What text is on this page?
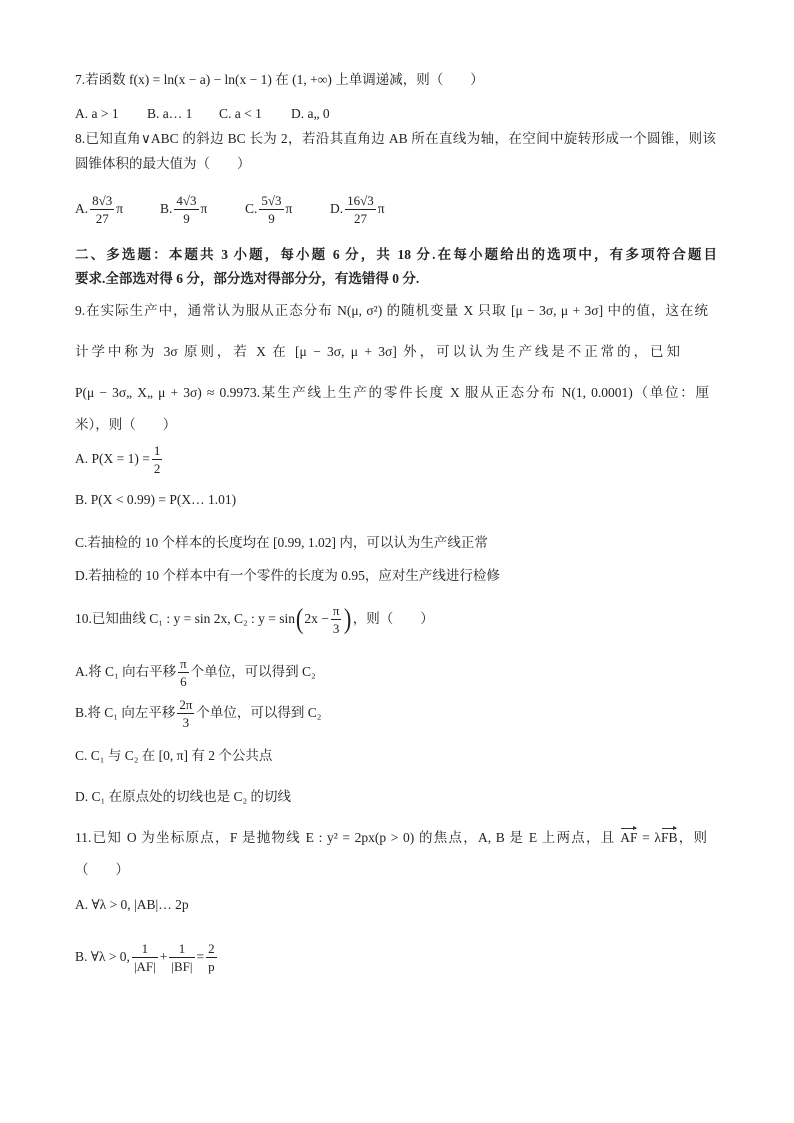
7.若函数 f(x) = ln(x − a) − ln(x − 1) 在 (1, +∞) 上单调递减，则（　　）
A. a > 1 B. a… 1 C. a < 1 D. a„ 0
8.已知直角∨ABC 的斜边 BC 长为 2，若沿其直角边 AB 所在直线为轴，在空间中旋转形成一个圆锥，则该
圆锥体积的最大值为（　　）
A. $\frac{8√3}{27}$ π	B. $\frac{4√3}{9}$ π	C. $\frac{5√3}{9}$ π	D. $\frac{16√3}{27}$ π
二、多选题：本题共 3 小题，每小题 6 分，共 18 分.在每小题给出的选项中，有多项符合题目
要求.全部选对得 6 分，部分选对得部分分，有选错得 0 分.
9.在实际生产中，通常认为服从正态分布 N(μ, σ²) 的随机变量 X 只取 [μ − 3σ, μ + 3σ] 中的值，这在统
计学中称为 3σ 原则，若 X 在 [μ − 3σ, μ + 3σ] 外，可以认为生产线是不正常的，已知
P(μ − 3σ„ X„ μ + 3σ) ≈ 0.9973.某生产线上生产的零件长度 X 服从正态分布 N(1, 0.0001)（单位：厘
米），则（　　）
A. $P(X = 1) = \frac{1}{2}$
B. P(X < 0.99) = P(X… 1.01)
C.若抽检的 10 个样本的长度均在 [0.99, 1.02] 内，可以认为生产线正常
D.若抽检的 10 个样本中有一个零件的长度为 0.95，应对生产线进行检修
10.已知曲线 C₁ : y = sin 2x, C₂ : $y = \sin(2x - \frac{\pi}{3}$ )，则（　　）
A.将 C₁ 向右平移 $\frac{\pi}{6}$ 个单位，可以得到 C₂
B.将 C₁ 向左平移 $\frac{2\pi}{3}$ 个单位，可以得到 C₂
C. C₁ 与 C₂ 在 [0, π] 有 2 个公共点
D. C₁ 在原点处的切线也是 C₂ 的切线
11.已知 O 为坐标原点，F 是抛物线 E : y² = 2px(p > 0) 的焦点，A, B 是 E 上两点，且 AF = λFB，则
（　　）
A. ∀λ > 0, |AB|… 2p
B. ∀λ > 0, $\frac{1}{|AF|} + \frac{1}{|BF|} = \frac{2}{p}$
